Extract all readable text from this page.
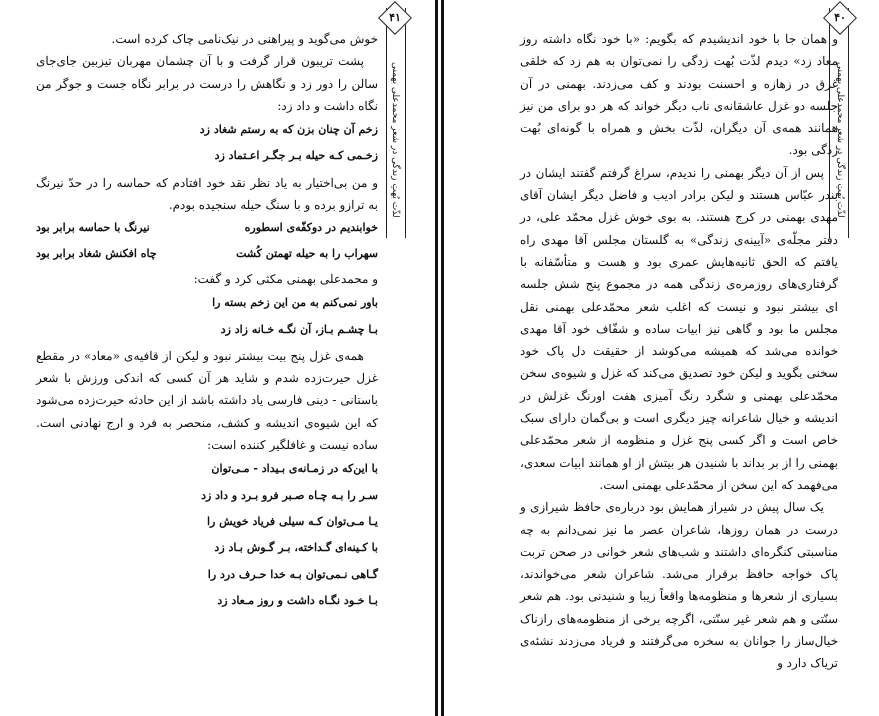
۴۱
لذّت بُهتِ زندگی در شعر محمدعلی بهمنی

خوش می‌گوید و پیراهنی در نیک‌نامی چاک کرده است.

پشت تریبون قرار گرفت و با آن چشمان مهربان تیزبین جای‌جای سالن را دور زد و نگاهش را درست در برابر نگاه جست و جوگر من نگاه داشت و داد زد:

زخم آن چنان بزن که به رستم شغاد زد

زخـمی کـه حیله بـر جگـر اعـتماد زد

و من بی‌اختیار به یاد نظر نقد خود افتادم که حماسه را در حدّ نیرنگ به ترازو برده و با سنگ حیله سنجیده بودم.

خوابندیم در دوکفّه‌ی اسطوره
نیرنگ با حماسه برابر بود
سهراب را به حیله تهمتن کُشت
چاه افکنش شغاد برابر بود

و محمدعلی بهمنی مکثی کرد و گفت:

باور نمی‌کنم به من این زخم بسته را

بـا چشـم بـاز، آن نگـه خـانه زاد زد

همه‌ی غزل پنج بیت بیشتر نبود و لیکن از قافیه‌ی «معاد» در مقطع غزل حیرت‌زده شدم و شاید هر آن کسی که اندکی ورزش با شعر باستانی - دینی فارسی یاد داشته باشد از این حادثه حیرت‌زده می‌شود که این شیوه‌ی اندیشه و کشف، منحصر به فرد و ارج نهادنی است. ساده نیست و غافلگیر کننده است:

با این‌که در زمـانه‌ی بـیداد - مـی‌توان

سـر را بـه چـاه صـبر فرو بـرد و داد زد

یـا مـی‌توان کـه سیلی فریاد خویش را

با کـینه‌ای گـداخته، بـر گـوش بـاد زد

گـاهی نـمی‌توان بـه خدا حـرف درد را

بـا خـود نگـاه داشت و روز مـعاد زد

۴۰
لذّت بُهتِ زندگی در شعر محمدعلی بهمنی

و همان جا با خود اندیشیدم که بگویم: «با خود نگاه داشته روز معاد زد» دیدم لذّت بُهت زدگی را نمی‌توان به هم زد که خلقی غرق در زهازه و احسنت بودند و کف می‌زدند. بهمنی در آن جلسه دو غزل عاشقانه‌ی ناب دیگر خواند که هر دو برای من نیز همانند همه‌ی آن دیگران، لذّت بخش و همراه با گونه‌ای بُهت زدگی بود.

پس از آن دیگر بهمنی را ندیدم، سراغ گرفتم گفتند ایشان در بندر عبّاس هستند و لیکن برادر ادیب و فاضل دیگر ایشان آقای مهدی بهمنی در کرج هستند. به بوی خوش غزل محمّد علی، در دفتر مجلّه‌ی «آیینه‌ی زندگی» به گلستان مجلس آقا مهدی راه یافتم که الحق ثانیه‌هایش عمری بود و هست و متأسّفانه با گرفتاری‌های روزمره‌ی زندگی همه در مجموع پنج شش جلسه ای بیشتر نبود و نیست که اغلب شعر محمّدعلی بهمنی نقل مجلس ما بود و گاهی نیز ابیات ساده و شفّاف خود آقا مهدی خوانده می‌شد که همیشه می‌کوشد از حقیقت دل پاک خود سخنی بگوید و لیکن خود تصدیق می‌کند که غزل و شیوه‌ی سخن محمّدعلی بهمنی و شگرد رنگ آمیزی هفت اورنگ غزلش در اندیشه و خیال شاعرانه چیز دیگری است و بی‌گمان دارای سبک خاص است و اگر کسی پنج غزل و منظومه از شعر محمّدعلی بهمنی را از بر بداند با شنیدن هر بیتش از او همانند ابیات سعدی، می‌فهمد که این سخن از محمّدعلی بهمنی است.

یک سال پیش در شیراز همایش بود درباره‌ی حافظ شیرازی و درست در همان روزها، شاعران عصر ما نیز نمی‌دانم به چه مناسبتی کنگره‌ای داشتند و شب‌های شعر خوانی در صحن تربت پاک خواجه حافظ برقرار می‌شد. شاعران شعر می‌خواندند، بسیاری از شعرها و منظومه‌ها واقعاً زیبا و شنیدنی بود. هم شعر سنّتی و هم شعر غیر سنّتی، اگرچه برخی از منظومه‌های رازناک خیال‌ساز را جوانان به سخره می‌گرفتند و فریاد می‌زدند نشئه‌ی تریاک دارد و
